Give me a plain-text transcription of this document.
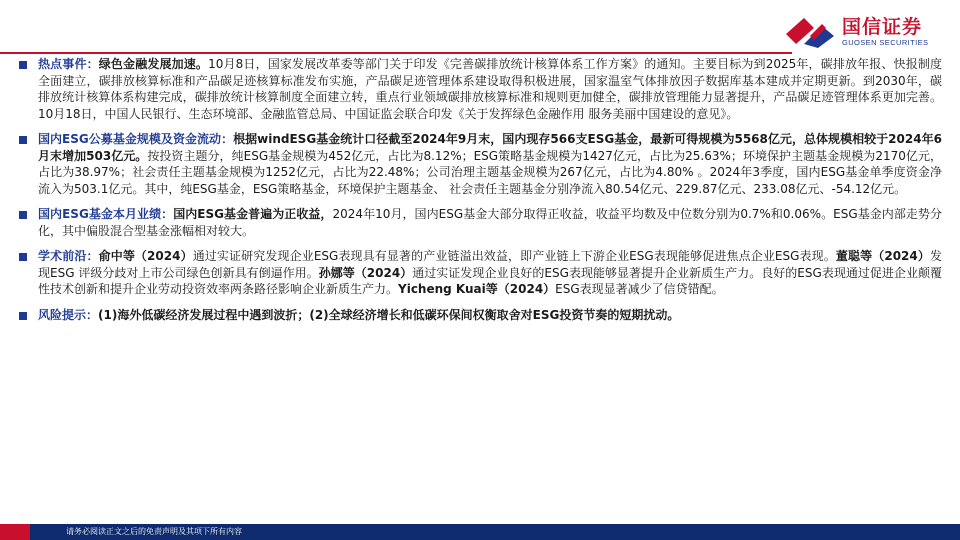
国信证券
GUOSEN SECURITIES
热点事件：绿色金融发展加速。10月8日，国家发展改革委等部门关于印发《完善碳排放统计核算体系工作方案》的通知。主要目标为到2025年，碳排放年报、快报制度全面建立，碳排放核算标准和产品碳足迹核算标准发布实施，产品碳足迹管理体系建设取得积极进展，国家温室气体排放因子数据库基本建成并定期更新。到2030年，碳排放统计核算体系构建完成，碳排放统计核算制度全面建立转，重点行业领域碳排放核算标准和规则更加健全，碳排放管理能力显著提升，产品碳足迹管理体系更加完善。10月18日，中国人民银行、生态环境部、金融监管总局、中国证监会联合印发《关于发挥绿色金融作用 服务美丽中国建设的意见》。
国内ESG公募基金规模及资金流动：根据windESG基金统计口径截至2024年9月末，国内现存566支ESG基金，最新可得规模为5568亿元，总体规模相较于2024年6月末增加503亿元。按投资主题分，纯ESG基金规模为452亿元，占比为8.12%；ESG策略基金规模为1427亿元，占比为25.63%；环境保护主题基金规模为2170亿元，占比为38.97%；社会责任主题基金规模为1252亿元，占比为22.48%；公司治理主题基金规模为267亿元，占比为4.80% 。2024年3季度，国内ESG基金单季度资金净流入为503.1亿元。其中，纯ESG基金，ESG策略基金，环境保护主题基金、 社会责任主题基金分别净流入80.54亿元、229.87亿元、233.08亿元、-54.12亿元。
国内ESG基金本月业绩：国内ESG基金普遍为正收益，2024年10月，国内ESG基金大部分取得正收益，收益平均数及中位数分别为0.7%和0.06%。ESG基金内部走势分化，其中偏股混合型基金涨幅相对较大。
学术前沿：俞中等（2024）通过实证研究发现企业ESG表现具有显著的产业链溢出效益，即产业链上下游企业ESG表现能够促进焦点企业ESG表现。董聪等（2024）发现ESG 评级分歧对上市公司绿色创新具有倒逼作用。孙娜等（2024）通过实证发现企业良好的ESG表现能够显著提升企业新质生产力。良好的ESG表现通过促进企业颠覆性技术创新和提升企业劳动投资效率两条路径影响企业新质生产力。Yicheng Kuai等（2024）ESG表现显著减少了信贷错配。
风险提示：(1)海外低碳经济发展过程中遇到波折；(2)全球经济增长和低碳环保间权衡取舍对ESG投资节奏的短期扰动。
请务必阅读正文之后的免责声明及其项下所有内容
